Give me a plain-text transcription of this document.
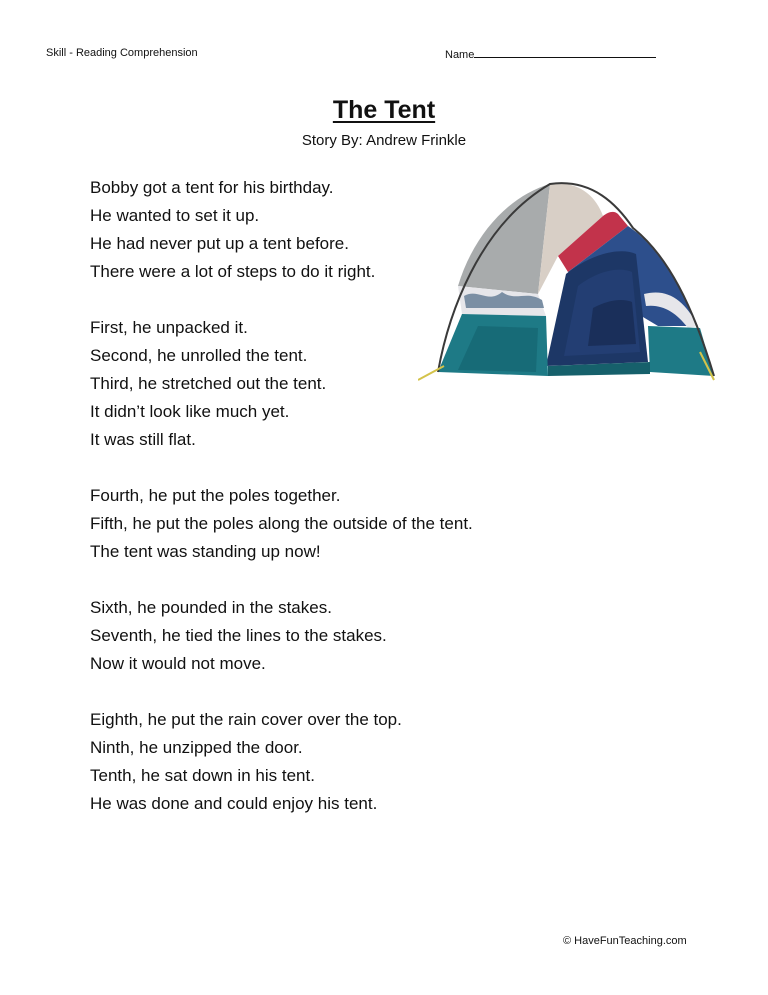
Skill - Reading Comprehension	Name
The Tent
Story By: Andrew Frinkle
Bobby got a tent for his birthday.
He wanted to set it up.
He had never put up a tent before.
There were a lot of steps to do it right.
First, he unpacked it.
Second, he unrolled the tent.
Third, he stretched out the tent.
It didn’t look like much yet.
It was still flat.
Fourth, he put the poles together.
Fifth, he put the poles along the outside of the tent.
The tent was standing up now!
Sixth, he pounded in the stakes.
Seventh, he tied the lines to the stakes.
Now it would not move.
Eighth, he put the rain cover over the top.
Ninth, he unzipped the door.
Tenth, he sat down in his tent.
He was done and could enjoy his tent.
© HaveFunTeaching.com
